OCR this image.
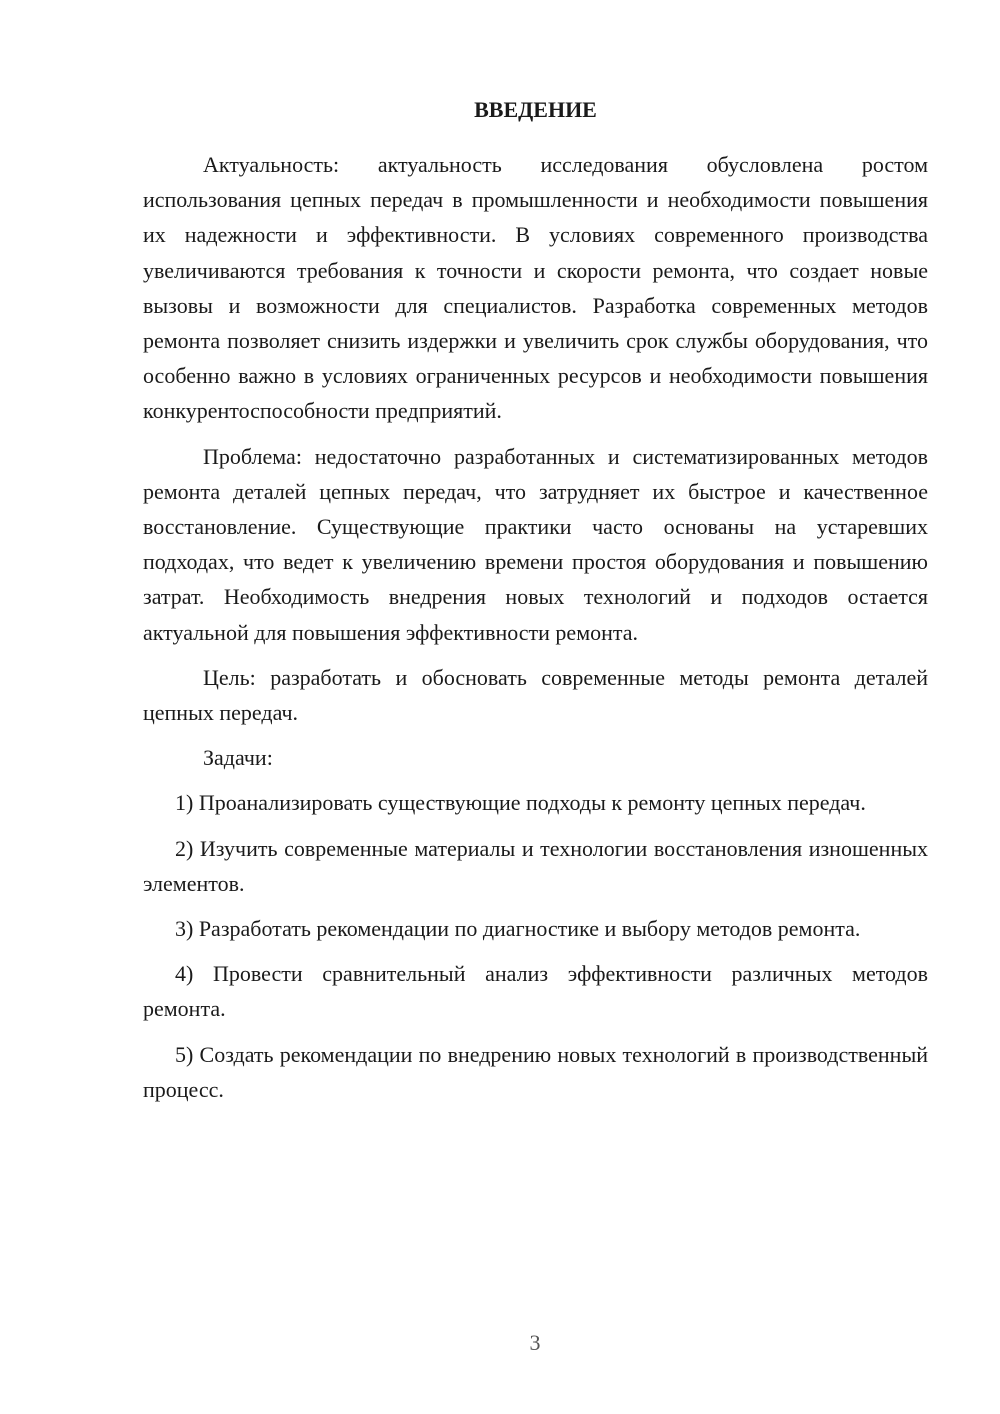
ВВЕДЕНИЕ

Актуальность: актуальность исследования обусловлена ростом использования цепных передач в промышленности и необходимости повышения их надежности и эффективности. В условиях современного производства увеличиваются требования к точности и скорости ремонта, что создает новые вызовы и возможности для специалистов. Разработка современных методов ремонта позволяет снизить издержки и увеличить срок службы оборудования, что особенно важно в условиях ограниченных ресурсов и необходимости повышения конкурентоспособности предприятий.

Проблема: недостаточно разработанных и систематизированных методов ремонта деталей цепных передач, что затрудняет их быстрое и качественное восстановление. Существующие практики часто основаны на устаревших подходах, что ведет к увеличению времени простоя оборудования и повышению затрат. Необходимость внедрения новых технологий и подходов остается актуальной для повышения эффективности ремонта.

Цель: разработать и обосновать современные методы ремонта деталей цепных передач.

Задачи:

1) Проанализировать существующие подходы к ремонту цепных передач.

2) Изучить современные материалы и технологии восстановления изношенных элементов.

3) Разработать рекомендации по диагностике и выбору методов ремонта.

4) Провести сравнительный анализ эффективности различных методов ремонта.

5) Создать рекомендации по внедрению новых технологий в производственный процесс.

3
